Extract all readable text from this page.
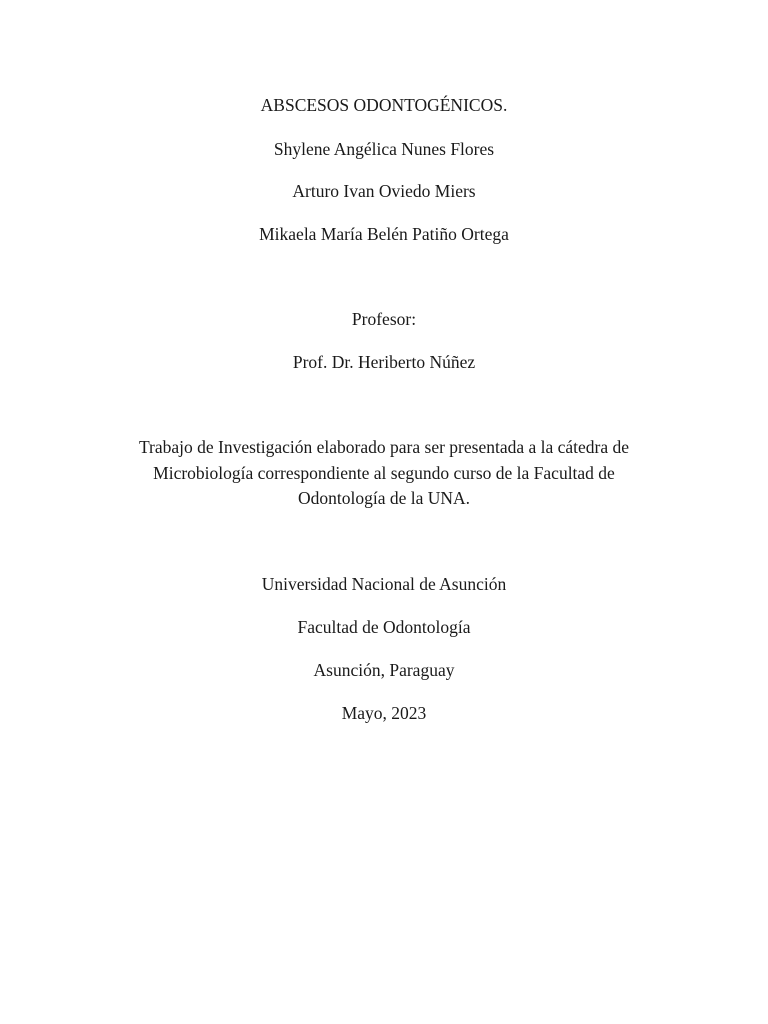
ABSCESOS ODONTOGÉNICOS.
Shylene Angélica Nunes Flores
Arturo Ivan Oviedo Miers
Mikaela María Belén Patiño Ortega
Profesor:
Prof. Dr. Heriberto Núñez
Trabajo de Investigación elaborado para ser presentada a la cátedra de Microbiología correspondiente al segundo curso de la Facultad de Odontología de la UNA.
Universidad Nacional de Asunción
Facultad de Odontología
Asunción, Paraguay
Mayo, 2023
